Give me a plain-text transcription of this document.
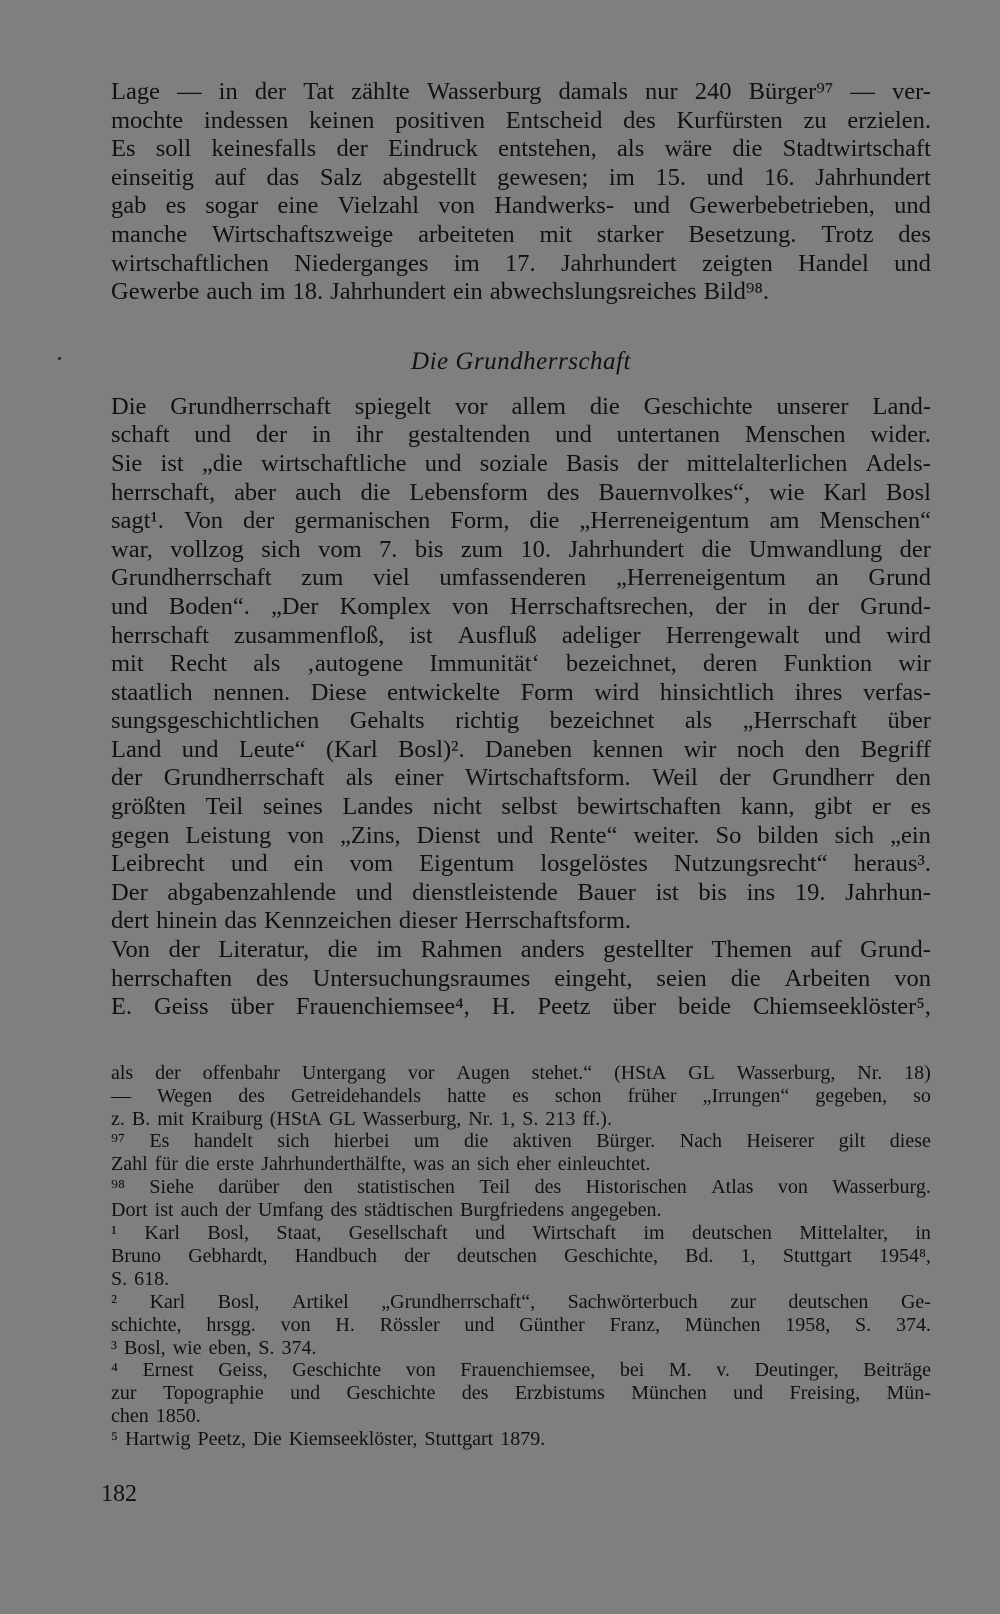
Lage — in der Tat zählte Wasserburg damals nur 240 Bürger⁹⁷ — ver-
mochte indessen keinen positiven Entscheid des Kurfürsten zu erzielen.
Es soll keinesfalls der Eindruck entstehen, als wäre die Stadtwirtschaft
einseitig auf das Salz abgestellt gewesen; im 15. und 16. Jahrhundert
gab es sogar eine Vielzahl von Handwerks- und Gewerbebetrieben, und
manche Wirtschaftszweige arbeiteten mit starker Besetzung. Trotz des
wirtschaftlichen Niederganges im 17. Jahrhundert zeigten Handel und
Gewerbe auch im 18. Jahrhundert ein abwechslungsreiches Bild⁹⁸.
Die Grundherrschaft
Die Grundherrschaft spiegelt vor allem die Geschichte unserer Land-
schaft und der in ihr gestaltenden und untertanen Menschen wider.
Sie ist „die wirtschaftliche und soziale Basis der mittelalterlichen Adels-
herrschaft, aber auch die Lebensform des Bauernvolkes“, wie Karl Bosl
sagt¹. Von der germanischen Form, die „Herreneigentum am Menschen“
war, vollzog sich vom 7. bis zum 10. Jahrhundert die Umwandlung der
Grundherrschaft zum viel umfassenderen „Herreneigentum an Grund
und Boden“. „Der Komplex von Herrschaftsrechen, der in der Grund-
herrschaft zusammenfloß, ist Ausfluß adeliger Herrengewalt und wird
mit Recht als ‚autogene Immunität‘ bezeichnet, deren Funktion wir
staatlich nennen. Diese entwickelte Form wird hinsichtlich ihres verfas-
sungsgeschichtlichen Gehalts richtig bezeichnet als „Herrschaft über
Land und Leute“ (Karl Bosl)². Daneben kennen wir noch den Begriff
der Grundherrschaft als einer Wirtschaftsform. Weil der Grundherr den
größten Teil seines Landes nicht selbst bewirtschaften kann, gibt er es
gegen Leistung von „Zins, Dienst und Rente“ weiter. So bilden sich „ein
Leibrecht und ein vom Eigentum losgelöstes Nutzungsrecht“ heraus³.
Der abgabenzahlende und dienstleistende Bauer ist bis ins 19. Jahrhun-
dert hinein das Kennzeichen dieser Herrschaftsform.
Von der Literatur, die im Rahmen anders gestellter Themen auf Grund-
herrschaften des Untersuchungsraumes eingeht, seien die Arbeiten von
E. Geiss über Frauenchiemsee⁴, H. Peetz über beide Chiemseeklöster⁵,
als der offenbahr Untergang vor Augen stehet.“ (HStA GL Wasserburg, Nr. 18)
— Wegen des Getreidehandels hatte es schon früher „Irrungen“ gegeben, so
z. B. mit Kraiburg (HStA GL Wasserburg, Nr. 1, S. 213 ff.).
⁹⁷ Es handelt sich hierbei um die aktiven Bürger. Nach Heiserer gilt diese
Zahl für die erste Jahrhunderthälfte, was an sich eher einleuchtet.
⁹⁸ Siehe darüber den statistischen Teil des Historischen Atlas von Wasserburg.
Dort ist auch der Umfang des städtischen Burgfriedens angegeben.
¹ Karl Bosl, Staat, Gesellschaft und Wirtschaft im deutschen Mittelalter, in
Bruno Gebhardt, Handbuch der deutschen Geschichte, Bd. 1, Stuttgart 1954⁸,
S. 618.
² Karl Bosl, Artikel „Grundherrschaft“, Sachwörterbuch zur deutschen Ge-
schichte, hrsgg. von H. Rössler und Günther Franz, München 1958, S. 374.
³ Bosl, wie eben, S. 374.
⁴ Ernest Geiss, Geschichte von Frauenchiemsee, bei M. v. Deutinger, Beiträge
zur Topographie und Geschichte des Erzbistums München und Freising, Mün-
chen 1850.
⁵ Hartwig Peetz, Die Kiemseeklöster, Stuttgart 1879.
182
